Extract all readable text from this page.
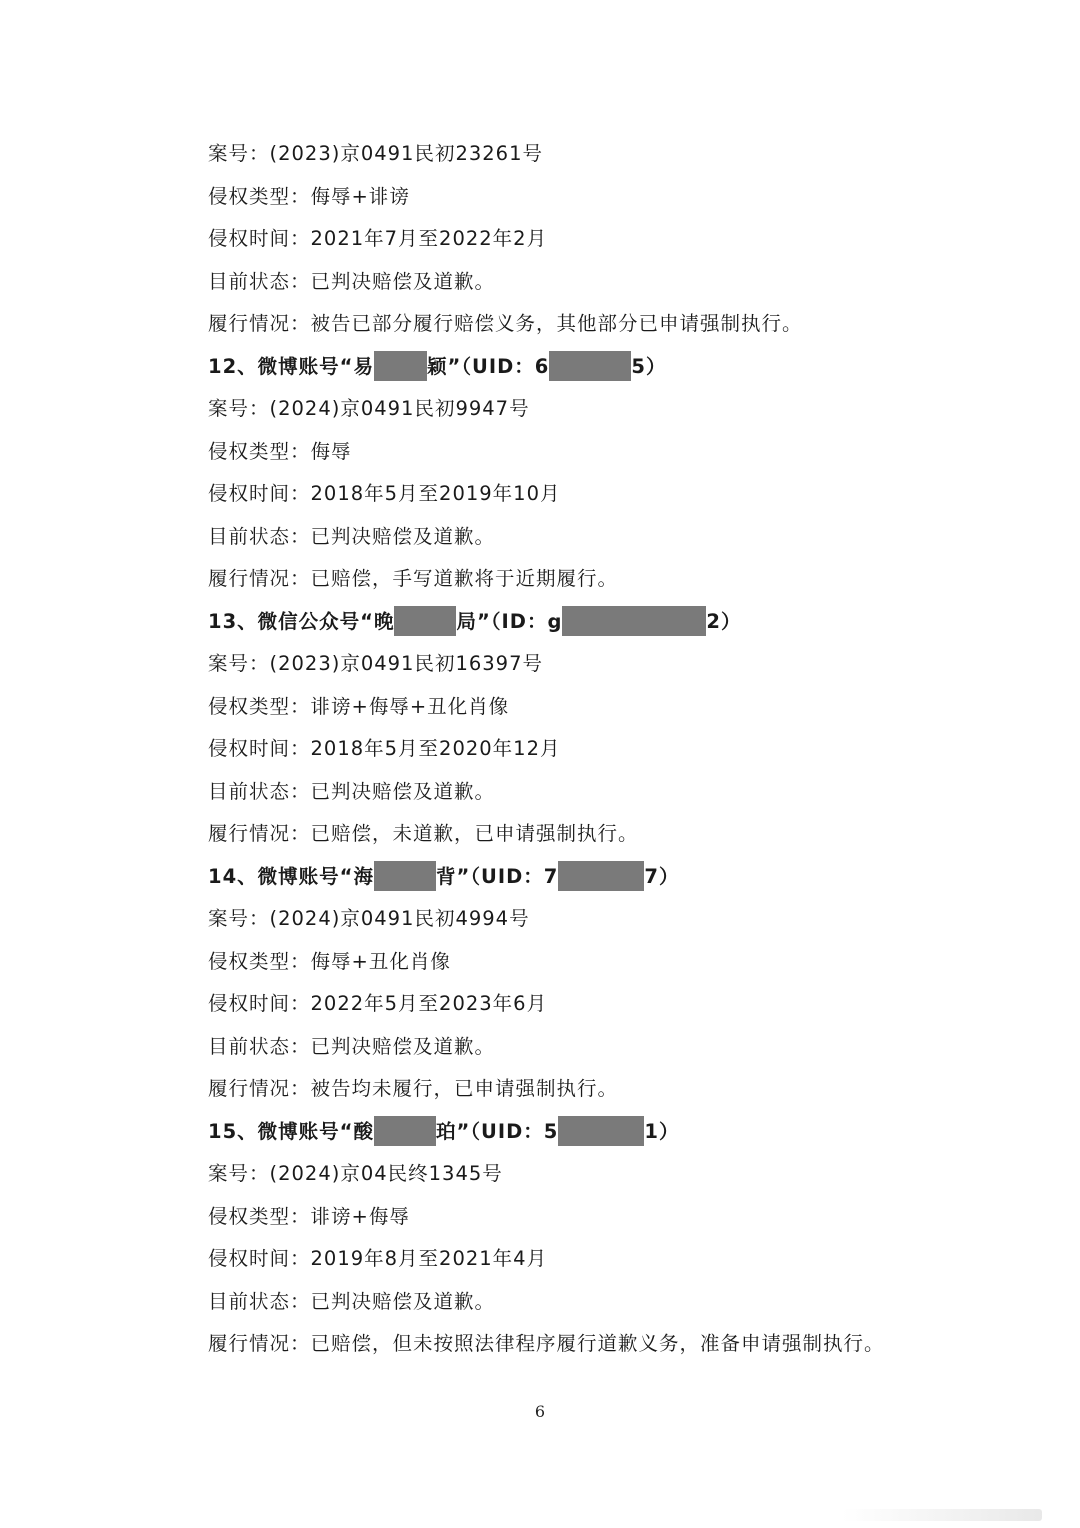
案号：(2023)京0491民初23261号
侵权类型：侮辱+诽谤
侵权时间：2021年7月至2022年2月
目前状态：已判决赔偿及道歉。
履行情况：被告已部分履行赔偿义务，其他部分已申请强制执行。
12、微博账号“易	颖”（UID：6	5）
案号：(2024)京0491民初9947号
侵权类型：侮辱
侵权时间：2018年5月至2019年10月
目前状态：已判决赔偿及道歉。
履行情况：已赔偿，手写道歉将于近期履行。
13、微信公众号“晚	局”（ID：g	2）
案号：(2023)京0491民初16397号
侵权类型：诽谤+侮辱+丑化肖像
侵权时间：2018年5月至2020年12月
目前状态：已判决赔偿及道歉。
履行情况：已赔偿，未道歉，已申请强制执行。
14、微博账号“海	背”（UID：7	7）
案号：(2024)京0491民初4994号
侵权类型：侮辱+丑化肖像
侵权时间：2022年5月至2023年6月
目前状态：已判决赔偿及道歉。
履行情况：被告均未履行，已申请强制执行。
15、微博账号“酸	珀”（UID：5	1）
案号：(2024)京04民终1345号
侵权类型：诽谤+侮辱
侵权时间：2019年8月至2021年4月
目前状态：已判决赔偿及道歉。
履行情况：已赔偿，但未按照法律程序履行道歉义务，准备申请强制执行。
6
